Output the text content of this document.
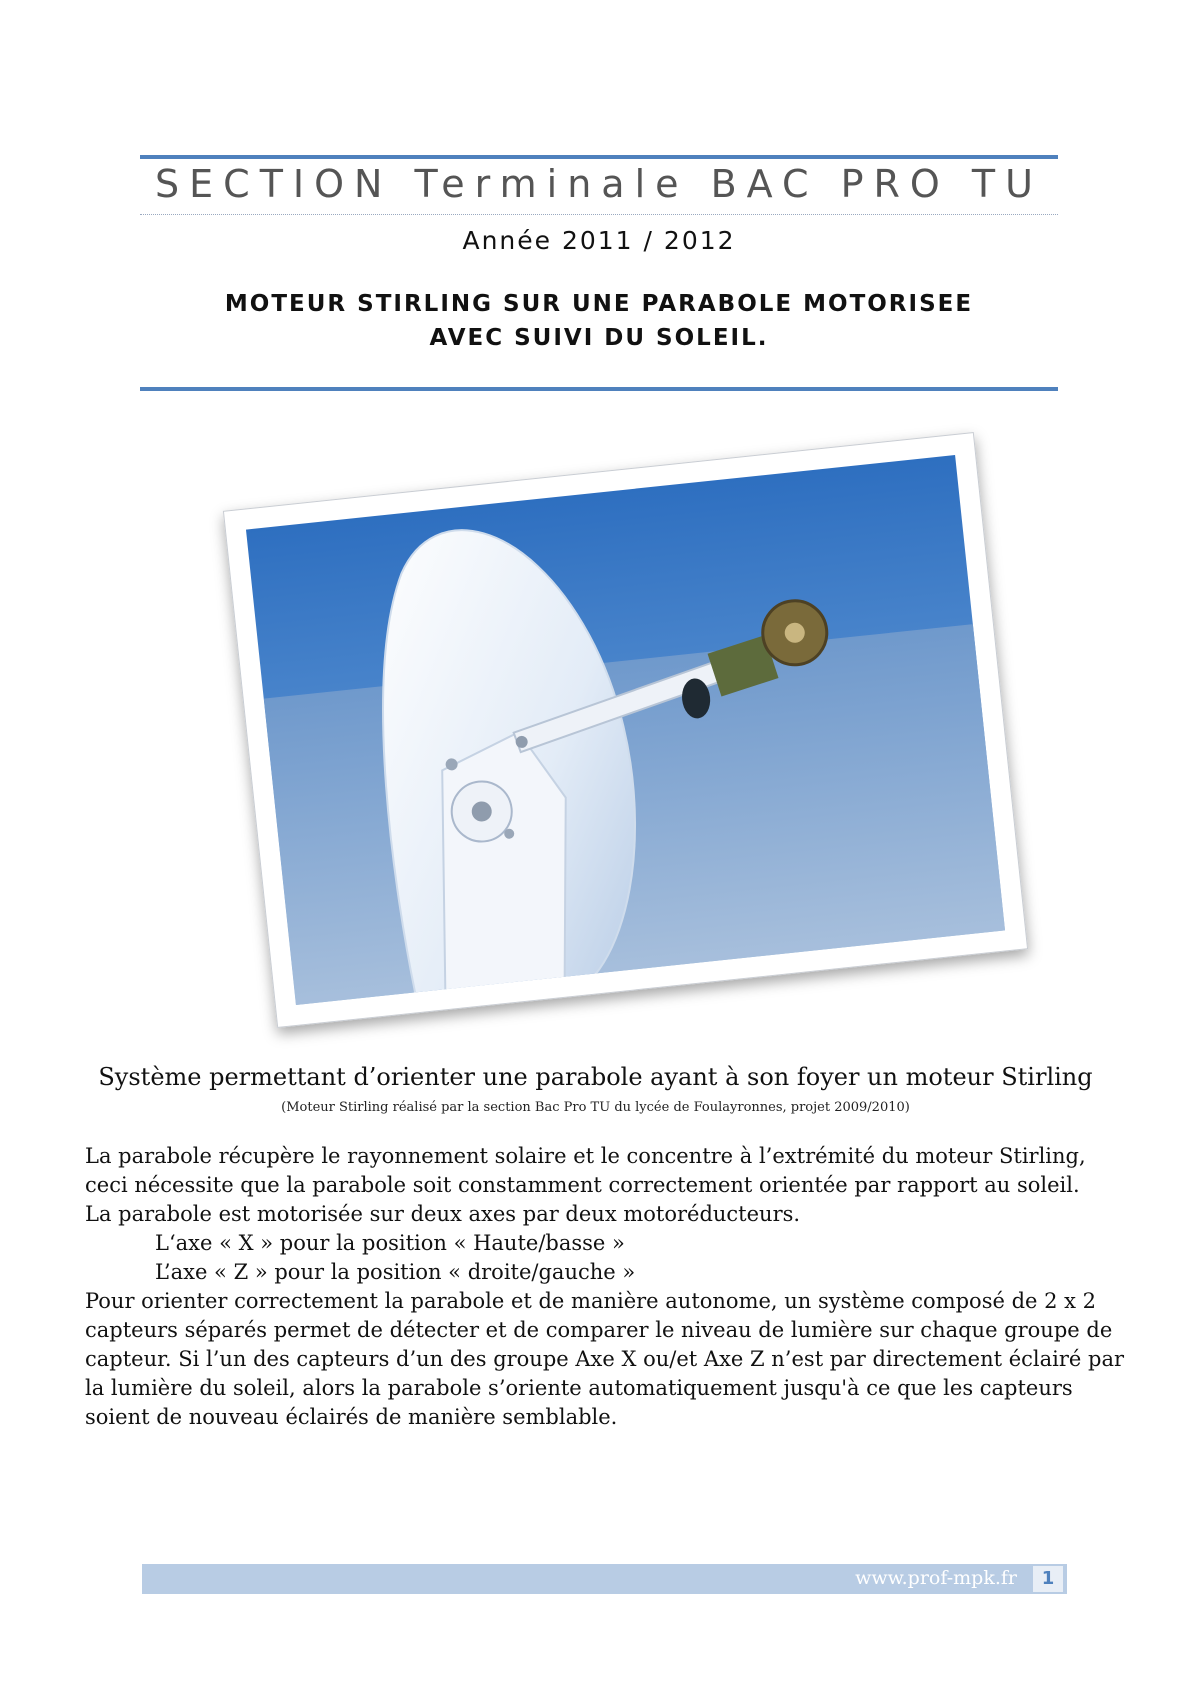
SECTION Terminale BAC PRO TU
Année 2011 / 2012
MOTEUR STIRLING SUR UNE PARABOLE MOTORISEE
AVEC SUIVI DU SOLEIL.
Système permettant d’orienter une parabole ayant à son foyer un moteur Stirling
(Moteur Stirling réalisé par la section Bac Pro TU du lycée de Foulayronnes, projet 2009/2010)

La parabole récupère le rayonnement solaire et le concentre à l’extrémité du moteur Stirling, ceci nécessite que la parabole soit constamment correctement orientée par rapport au soleil.

La parabole est motorisée sur deux axes par deux motoréducteurs.

L‘axe « X » pour la position « Haute/basse »

L’axe « Z » pour la position « droite/gauche »

Pour orienter correctement la parabole et de manière autonome, un système composé de 2 x 2 capteurs séparés permet de détecter et de comparer le niveau de lumière sur chaque groupe de capteur. Si l’un des capteurs d’un des groupe Axe X ou/et Axe Z n’est par directement éclairé par la lumière du soleil, alors la parabole s’oriente automatiquement jusqu'à ce que les capteurs soient de nouveau éclairés de manière semblable.

www.prof-mpk.fr	1
